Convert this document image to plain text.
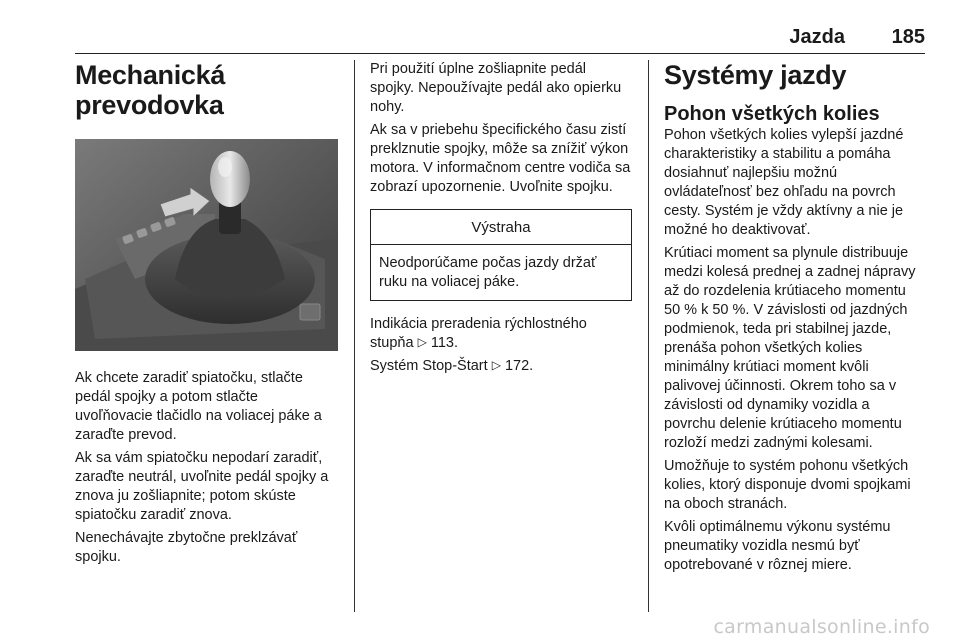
Jazda 185
Mechanická
prevodovka

Ak chcete zaradiť spiatočku, stlačte pedál spojky a potom stlačte uvoľňovacie tlačidlo na voliacej páke a zaraďte prevod.

Ak sa vám spiatočku nepodarí zaradiť, zaraďte neutrál, uvoľnite pedál spojky a znova ju zošliapnite; potom skúste spiatočku zaradiť znova.

Nenechávajte zbytočne preklzávať spojku.

Pri použití úplne zošliapnite pedál spojky. Nepoužívajte pedál ako opierku nohy.

Ak sa v priebehu špecifického času zistí preklznutie spojky, môže sa znížiť výkon motora. V informačnom centre vodiča sa zobrazí upozornenie. Uvoľnite spojku.

Výstraha
Neodporúčame počas jazdy držať ruku na voliacej páke.

Indikácia preradenia rýchlostného stupňa ▷ 113.

Systém Stop-Štart ▷ 172.

Systémy jazdy
Pohon všetkých kolies

Pohon všetkých kolies vylepší jazdné charakteristiky a stabilitu a pomáha dosiahnuť najlepšiu možnú ovládateľnosť bez ohľadu na povrch cesty. Systém je vždy aktívny a nie je možné ho deaktivovať.

Krútiaci moment sa plynule distribuuje medzi kolesá prednej a zadnej nápravy až do rozdelenia krútiaceho momentu 50 % k 50 %. V závislosti od jazdných podmienok, teda pri stabilnej jazde, prenáša pohon všetkých kolies minimálny krútiaci moment kvôli palivovej účinnosti. Okrem toho sa v závislosti od dynamiky vozidla a povrchu delenie krútiaceho momentu rozloží medzi zadnými kolesami.

Umožňuje to systém pohonu všetkých kolies, ktorý disponuje dvomi spojkami na oboch stranách.

Kvôli optimálnemu výkonu systému pneumatiky vozidla nesmú byť opotrebované v rôznej miere.

carmanualsonline.info
